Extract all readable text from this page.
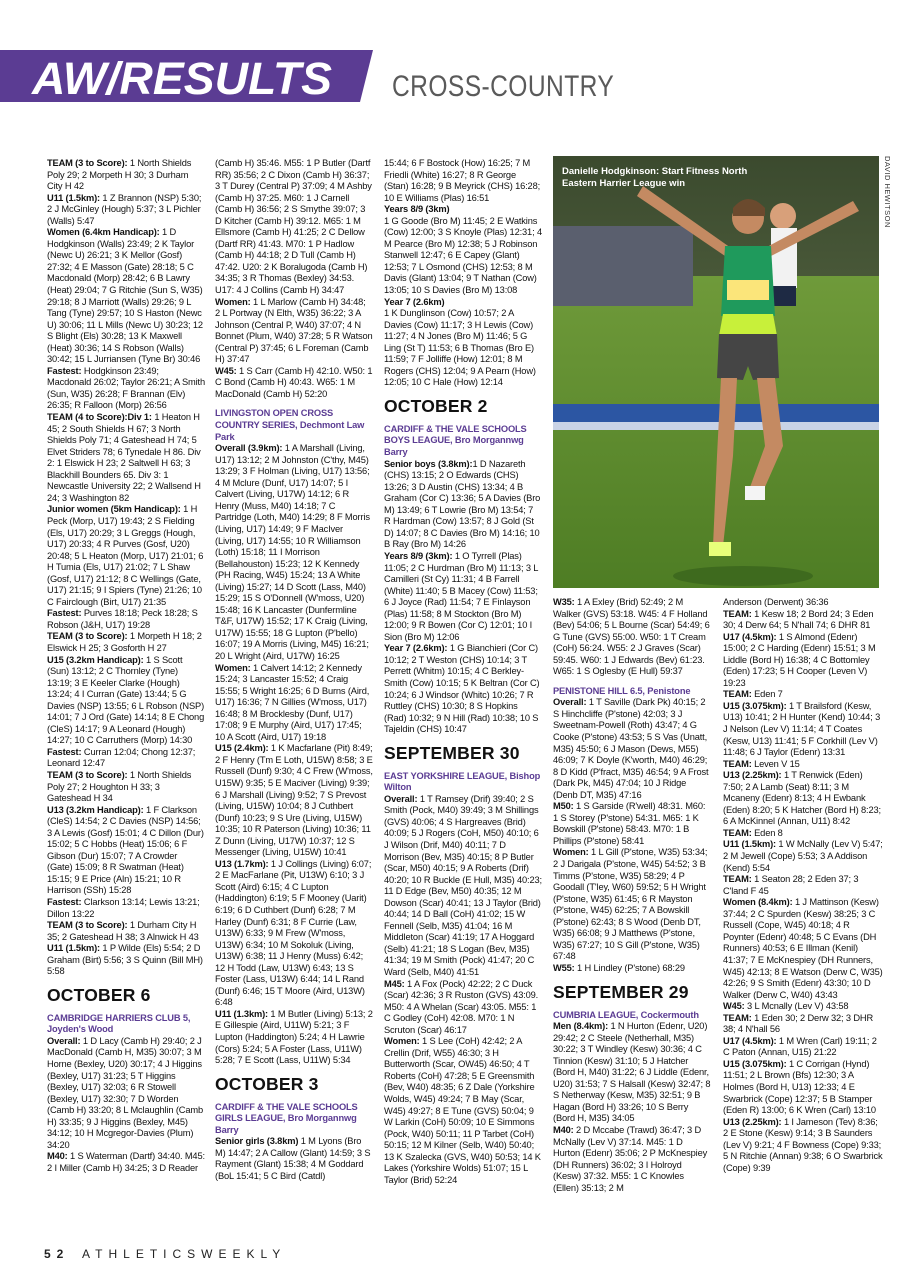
AW/RESULTS CROSS-COUNTRY

TEAM (3 to Score): 1 North Shields Poly 29; 2 Morpeth H 30; 3 Durham City H 42

U11 (1.5km): 1 Z Brannon (NSP) 5:30; 2 J McGinley (Hough) 5:37; 3 L Pichler (Walls) 5:47

Women (6.4km Handicap): 1 D Hodgkinson (Walls) 23:49; 2 K Taylor (Newc U) 26:21; 3 K Mellor (Gosf) 27:32; 4 E Masson (Gate) 28:18; 5 C Macdonald (Morp) 28:42; 6 B Lawry (Heat) 29:04; 7 G Ritchie (Sun S, W35) 29:18; 8 J Marriott (Walls) 29:26; 9 L Tang (Tyne) 29:57; 10 S Haston (Newc U) 30:06; 11 L Mills (Newc U) 30:23; 12 S Blight (Els) 30:28; 13 K Maxwell (Heat) 30:36; 14 S Robson (Walls) 30:42; 15 L Jurriansen (Tyne Br) 30:46

Fastest: Hodgkinson 23:49; Macdonald 26:02; Taylor 26:21; A Smith (Sun, W35) 26:28; F Brannan (Elv) 26:35; R Falloon (Morp) 26:56

TEAM (4 to Score):Div 1: 1 Heaton H 45; 2 South Shields H 67; 3 North Shields Poly 71; 4 Gateshead H 74; 5 Elvet Striders 78; 6 Tynedale H 86. Div 2: 1 Elswick H 23; 2 Saltwell H 63; 3 Blackhill Bounders 65. Div 3: 1 Newcastle University 22; 2 Wallsend H 24; 3 Washington 82

Junior women (5km Handicap): 1 H Peck (Morp, U17) 19:43; 2 S Fielding (Els, U17) 20:29; 3 L Greggs (Hough, U17) 20:33; 4 R Purves (Gosf, U20) 20:48; 5 L Heaton (Morp, U17) 21:01; 6 H Tumia (Els, U17) 21:02; 7 L Shaw (Gosf, U17) 21:12; 8 C Wellings (Gate, U17) 21:15; 9 I Spiers (Tyne) 21:26; 10 C Fairclough (Birt, U17) 21:35

Fastest: Purves 18:18; Peck 18:28; S Robson (J&H, U17) 19:28

TEAM (3 to Score): 1 Morpeth H 18; 2 Elswick H 25; 3 Gosforth H 27

U15 (3.2km Handicap): 1 S Scott (Sun) 13:12; 2 C Thornley (Tyne) 13:19; 3 E Keeler Clarke (Hough) 13:24; 4 I Curran (Gate) 13:44; 5 G Davies (NSP) 13:55; 6 L Robson (NSP) 14:01; 7 J Ord (Gate) 14:14; 8 E Chong (CleS) 14:17; 9 A Leonard (Hough) 14:27; 10 C Carruthers (Morp) 14:30

Fastest: Curran 12:04; Chong 12:37; Leonard 12:47

TEAM (3 to Score): 1 North Shields Poly 27; 2 Houghton H 33; 3 Gateshead H 34

U13 (3.2km Handicap): 1 F Clarkson (CleS) 14:54; 2 C Davies (NSP) 14:56; 3 A Lewis (Gosf) 15:01; 4 C Dillon (Dur) 15:02; 5 C Hobbs (Heat) 15:06; 6 F Gibson (Dur) 15:07; 7 A Crowder (Gate) 15:09; 8 R Swatman (Heat) 15:15; 9 E Price (Aln) 15:21; 10 R Harrison (SSh) 15:28

Fastest: Clarkson 13:14; Lewis 13:21; Dillon 13:22

TEAM (3 to Score): 1 Durham City H 35; 2 Gateshead H 38; 3 Alnwick H 43

U11 (1.5km): 1 P Wilde (Els) 5:54; 2 D Graham (Birt) 5:56; 3 S Quinn (Bill MH) 5:58

OCTOBER 6
CAMBRIDGE HARRIERS CLUB 5, Joyden's Wood

Overall: 1 D Lacy (Camb H) 29:40; 2 J MacDonald (Camb H, M35) 30:07; 3 M Horne (Bexley, U20) 30:17; 4 J Higgins (Bexley, U17) 31:23; 5 T Higgins (Bexley, U17) 32:03; 6 R Stowell (Bexley, U17) 32:30; 7 D Worden (Camb H) 33:20; 8 L Mclaughlin (Camb H) 33:35; 9 J Higgins (Bexley, M45) 34:12; 10 H Mcgregor-Davies (Plum) 34:20

M40: 1 S Waterman (Dartf) 34:40. M45: 2 I Miller (Camb H) 34:25; 3 D Reader

(Camb H) 35:46. M55: 1 P Butler (Dartf RR) 35:56; 2 C Dixon (Camb H) 36:37; 3 T Durey (Central P) 37:09; 4 M Ashby (Camb H) 37:25. M60: 1 J Carnell (Camb H) 36:56; 2 S Smythe 39:07; 3 D Kitcher (Camb H) 39:12. M65: 1 M Ellsmore (Camb H) 41:25; 2 C Dellow (Dartf RR) 41:43. M70: 1 P Hadlow (Camb H) 44:18; 2 D Tull (Camb H) 47:42. U20: 2 K Boralugoda (Camb H) 34:35; 3 R Thomas (Bexley) 34:53. U17: 4 J Collins (Camb H) 34:47

Women: 1 L Marlow (Camb H) 34:48; 2 L Portway (N Elth, W35) 36:22; 3 A Johnson (Central P, W40) 37:07; 4 N Bonnet (Plum, W40) 37:28; 5 R Watson (Central P) 37:45; 6 L Foreman (Camb H) 37:47

W45: 1 S Carr (Camb H) 42:10. W50: 1 C Bond (Camb H) 40:43. W65: 1 M MacDonald (Camb H) 52:20

LIVINGSTON OPEN CROSS COUNTRY SERIES, Dechmont Law Park

Overall (3.9km): 1 A Marshall (Living, U17) 13:12; 2 M Johnston (C'thy, M45) 13:29; 3 F Holman (Living, U17) 13:56; 4 M Mclure (Dunf, U17) 14:07; 5 I Calvert (Living, U17W) 14:12; 6 R Henry (Muss, M40) 14:18; 7 C Partridge (Loth, M40) 14:29; 8 F Morris (Living, U17) 14:49; 9 F MacIver (Living, U17) 14:55; 10 R Williamson (Loth) 15:18; 11 I Morrison (Bellahouston) 15:23; 12 K Kennedy (PH Racing, W45) 15:24; 13 A White (Living) 15:27; 14 D Scott (Lass, M40) 15:29; 15 S O'Donnell (W'moss, U20) 15:48; 16 K Lancaster (Dunfermline T&F, U17W) 15:52; 17 K Craig (Living, U17W) 15:55; 18 G Lupton (P'bello) 16:07; 19 A Morris (Living, M45) 16:21; 20 L Wright (Aird, U17W) 16:25

Women: 1 Calvert 14:12; 2 Kennedy 15:24; 3 Lancaster 15:52; 4 Craig 15:55; 5 Wright 16:25; 6 D Burns (Aird, U17) 16:36; 7 N Gillies (W'moss, U17) 16:48; 8 M Brocklesby (Dunf, U17) 17:08; 9 E Murphy (Aird, U17) 17:45; 10 A Scott (Aird, U17) 19:18

U15 (2.4km): 1 K Macfarlane (Pit) 8:49; 2 F Henry (Tm E Loth, U15W) 8:58; 3 E Russell (Dunf) 9:30; 4 C Frew (W'moss, U15W) 9:35; 5 E Maciver (Living) 9:39; 6 J Marshall (Living) 9:52; 7 S Prevost (Living, U15W) 10:04; 8 J Cuthbert (Dunf) 10:23; 9 S Ure (Living, U15W) 10:35; 10 R Paterson (Living) 10:36; 11 Z Dunn (Living, U17W) 10:37; 12 S Messenger (Living, U15W) 10:41

U13 (1.7km): 1 J Collings (Living) 6:07; 2 E MacFarlane (Pit, U13W) 6:10; 3 J Scott (Aird) 6:15; 4 C Lupton (Haddington) 6:19; 5 F Mooney (Uarit) 6:19; 6 D Cuthbert (Dunf) 6:28; 7 M Harley (Dunf) 6:31; 8 F Currie (Law, U13W) 6:33; 9 M Frew (W'moss, U13W) 6:34; 10 M Sokoluk (Living, U13W) 6:38; 11 J Henry (Muss) 6:42; 12 H Todd (Law, U13W) 6:43; 13 S Foster (Lass, U13W) 6:44; 14 L Rand (Dunf) 6:46; 15 T Moore (Aird, U13W) 6:48

U11 (1.3km): 1 M Butler (Living) 5:13; 2 E Gillespie (Aird, U11W) 5:21; 3 F Lupton (Haddington) 5:24; 4 H Lawrie (Cors) 5:24; 5 A Foster (Lass, U11W) 5:28; 7 E Scott (Lass, U11W) 5:34

OCTOBER 3
CARDIFF & THE VALE SCHOOLS GIRLS LEAGUE, Bro Morgannwg Barry

Senior girls (3.8km) 1 M Lyons (Bro M) 14:47; 2 A Callow (Glant) 14:59; 3 S Rayment (Glant) 15:38; 4 M Goddard (BoL 15:41; 5 C Bird (Catdl)

15:44; 6 F Bostock (How) 16:25; 7 M Friedli (White) 16:27; 8 R George (Stan) 16:28; 9 B Meyrick (CHS) 16:28; 10 E Williams (Plas) 16:51

Years 8/9 (3km)

1 G Goode (Bro M) 11:45; 2 E Watkins (Cow) 12:00; 3 S Knoyle (Plas) 12:31; 4 M Pearce (Bro M) 12:38; 5 J Robinson Stanwell 12:47; 6 E Capey (Glant) 12:53; 7 L Osmond (CHS) 12:53; 8 M Davis (Glant) 13:04; 9 T Nathan (Cow) 13:05; 10 S Davies (Bro M) 13:08

Year 7 (2.6km)

1 K Dunglinson (Cow) 10:57; 2 A Davies (Cow) 11:17; 3 H Lewis (Cow) 11:27; 4 N Jones (Bro M) 11:46; 5 G Ling (St T) 11:53; 6 B Thomas (Bro E) 11:59; 7 F Jolliffe (How) 12:01; 8 M Rogers (CHS) 12:04; 9 A Pearn (How) 12:05; 10 C Hale (How) 12:14

OCTOBER 2
CARDIFF & THE VALE SCHOOLS BOYS LEAGUE, Bro Morgannwg Barry

Senior boys (3.8km):1 D Nazareth (CHS) 13:15; 2 O Edwards (CHS) 13:26; 3 D Austin (CHS) 13:34; 4 B Graham (Cor C) 13:36; 5 A Davies (Bro M) 13:49; 6 T Lowrie (Bro M) 13:54; 7 R Hardman (Cow) 13:57; 8 J Gold (St D) 14:07; 8 C Davies (Bro M) 14:16; 10 B Ray (Bro M) 14:26

Years 8/9 (3km): 1 O Tyrrell (Plas) 11:05; 2 C Hurdman (Bro M) 11:13; 3 L Camilleri (St Cy) 11:31; 4 B Farrell (White) 11:40; 5 B Macey (Cow) 11:53; 6 J Joyce (Rad) 11:54; 7 E Finlayson (Plas) 11:58; 8 M Stockton (Bro M) 12:00; 9 R Bowen (Cor C) 12:01; 10 I Sion (Bro M) 12:06

Year 7 (2.6km): 1 G Bianchieri (Cor C) 10:12; 2 T Weston (CHS) 10:14; 3 T Perrett (Whitm) 10:15; 4 C Berkley-Smith (Cow) 10:15; 5 K Beltran (Cor C) 10:24; 6 J Windsor (Whitc) 10:26; 7 R Ruttley (CHS) 10:30; 8 S Hopkins (Rad) 10:32; 9 N Hill (Rad) 10:38; 10 S Tajeldin (CHS) 10:47

SEPTEMBER 30
EAST YORKSHIRE LEAGUE, Bishop Wilton

Overall: 1 T Ramsey (Drif) 39:40; 2 S Smith (Pock, M40) 39:49; 3 M Shillings (GVS) 40:06; 4 S Hargreaves (Brid) 40:09; 5 J Rogers (CoH, M50) 40:10; 6 J Wilson (Drif, M40) 40:11; 7 D Morrison (Bev, M35) 40:15; 8 P Butler (Scar, M50) 40:15; 9 A Roberts (Drif) 40:20; 10 R Buckle (E Hull, M35) 40:23; 11 D Edge (Bev, M50) 40:35; 12 M Dowson (Scar) 40:41; 13 J Taylor (Brid) 40:44; 14 D Ball (CoH) 41:02; 15 W Fennell (Selb, M35) 41:04; 16 M Middleton (Scar) 41:19; 17 A Hoggard (Selb) 41:21; 18 S Logan (Bev, M35) 41:34; 19 M Smith (Pock) 41:47; 20 C Ward (Selb, M40) 41:51

M45: 1 A Fox (Pock) 42:22; 2 C Duck (Scar) 42:36; 3 R Ruston (GVS) 43:09. M50: 4 A Whelan (Scar) 43:05. M55: 1 C Godley (CoH) 42:08. M70: 1 N Scruton (Scar) 46:17

Women: 1 S Lee (CoH) 42:42; 2 A Crellin (Drif, W55) 46:30; 3 H Butterworth (Scar, OW45) 46:50; 4 T Roberts (CoH) 47:28; 5 E Greensmith (Bev, W40) 48:35; 6 Z Dale (Yorkshire Wolds, W45) 49:24; 7 B May (Scar, W45) 49:27; 8 E Tune (GVS) 50:04; 9 W Larkin (CoH) 50:09; 10 E Simmons (Pock, W40) 50:11; 11 P Tarbet (CoH) 50:15; 12 M Kilner (Selb, W40) 50:40; 13 K Szalecka (GVS, W40) 50:53; 14 K Lakes (Yorkshire Wolds) 51:07; 15 L Taylor (Brid) 52:24

Danielle Hodgkinson: Start Fitness North Eastern Harrier League win	DAVID HEWITSON

W35: 1 A Exley (Brid) 52:49; 2 M Walker (GVS) 53:18. W45: 4 F Holland (Bev) 54:06; 5 L Bourne (Scar) 54:49; 6 G Tune (GVS) 55:00. W50: 1 T Cream (CoH) 56:24. W55: 2 J Graves (Scar) 59:45. W60: 1 J Edwards (Bev) 61:23. W65: 1 S Oglesby (E Hull) 59:37

PENISTONE HILL 6.5, Penistone

Overall: 1 T Saville (Dark Pk) 40:15; 2 S Hinchcliffe (P'stone) 42:03; 3 J Sweetnam-Powell (Roth) 43:47; 4 G Cooke (P'stone) 43:53; 5 S Vas (Unatt, M35) 45:50; 6 J Mason (Dews, M55) 46:09; 7 K Doyle (K'worth, M40) 46:29; 8 D Kidd (P'fract, M35) 46:54; 9 A Frost (Dark Pk, M45) 47:04; 10 J Ridge (Denb DT, M35) 47:16

M50: 1 S Garside (R'well) 48:31. M60: 1 S Storey (P'stone) 54:31. M65: 1 K Bowskill (P'stone) 58:43. M70: 1 B Phillips (P'stone) 58:41

Women: 1 L Gill (P'stone, W35) 53:34; 2 J Darigala (P'stone, W45) 54:52; 3 B Timms (P'stone, W35) 58:29; 4 P Goodall (T'ley, W60) 59:52; 5 H Wright (P'stone, W35) 61:45; 6 R Mayston (P'stone, W45) 62:25; 7 A Bowskill (P'stone) 62:43; 8 S Wood (Denb DT, W35) 66:08; 9 J Matthews (P'stone, W35) 67:27; 10 S Gill (P'stone, W35) 67:48

W55: 1 H Lindley (P'stone) 68:29

SEPTEMBER 29
CUMBRIA LEAGUE, Cockermouth

Men (8.4km): 1 N Hurton (Edenr, U20) 29:42; 2 C Steele (Netherhall, M35) 30:22; 3 T Windley (Kesw) 30:36; 4 C Tinnion (Kesw) 31:10; 5 J Hatcher (Bord H, M40) 31:22; 6 J Liddle (Edenr, U20) 31:53; 7 S Halsall (Kesw) 32:47; 8 S Netherway (Kesw, M35) 32:51; 9 B Hagan (Bord H) 33:26; 10 S Berry (Bord H, M35) 34:05

M40: 2 D Mccabe (Trawd) 36:47; 3 D McNally (Lev V) 37:14. M45: 1 D Hurton (Edenr) 35:06; 2 P McKnespiey (DH Runners) 36:02; 3 I Holroyd (Kesw) 37:32. M55: 1 C Knowles (Ellen) 35:13; 2 M

Anderson (Derwent) 36:36

TEAM: 1 Kesw 18; 2 Bord 24; 3 Eden 30; 4 Derw 64; 5 N'hall 74; 6 DHR 81

U17 (4.5km): 1 S Almond (Edenr) 15:00; 2 C Harding (Edenr) 15:51; 3 M Liddle (Bord H) 16:38; 4 C Bottomley (Eden) 17:23; 5 H Cooper (Leven V) 19:23

TEAM: Eden 7

U15 (3.075km): 1 T Brailsford (Kesw, U13) 10:41; 2 H Hunter (Kend) 10:44; 3 J Nelson (Lev V) 11:14; 4 T Coates (Kesw, U13) 11:41; 5 F Corkhill (Lev V) 11:48; 6 J Taylor (Edenr) 13:31

TEAM: Leven V 15

U13 (2.25km): 1 T Renwick (Eden) 7:50; 2 A Lamb (Seat) 8:11; 3 M Mcaneny (Edenr) 8:13; 4 H Ewbank (Eden) 8:20; 5 K Hatcher (Bord H) 8:23; 6 A McKinnel (Annan, U11) 8:42

TEAM: Eden 8

U11 (1.5km): 1 W McNally (Lev V) 5:47; 2 M Jewell (Cope) 5:53; 3 A Addison (Kend) 5:54

TEAM: 1 Seaton 28; 2 Eden 37; 3 C'land F 45

Women (8.4km): 1 J Mattinson (Kesw) 37:44; 2 C Spurden (Kesw) 38:25; 3 C Russell (Cope, W45) 40:18; 4 R Poynter (Edenr) 40:48; 5 C Evans (DH Runners) 40:53; 6 E Illman (Kenil) 41:37; 7 E McKnespiey (DH Runners, W45) 42:13; 8 E Watson (Derw C, W35) 42:26; 9 S Smith (Edenr) 43:30; 10 D Walker (Derw C, W40) 43:43

W45: 3 L Mcnally (Lev V) 43:58

TEAM: 1 Eden 30; 2 Derw 32; 3 DHR 38; 4 N'hall 56

U17 (4.5km): 1 M Wren (Carl) 19:11; 2 C Paton (Annan, U15) 21:22

U15 (3.075km): 1 C Corrigan (Hynd) 11:51; 2 L Brown (Bfs) 12:30; 3 A Holmes (Bord H, U13) 12:33; 4 E Swarbrick (Cope) 12:37; 5 B Stamper (Eden R) 13:00; 6 K Wren (Carl) 13:10

U13 (2.25km): 1 I Jameson (Tev) 8:36; 2 E Stone (Kesw) 9:14; 3 B Saunders (Lev V) 9:21; 4 F Bowness (Cope) 9:33; 5 N Ritchie (Annan) 9:38; 6 O Swarbrick (Cope) 9:39

52 ATHLETICSWEEKLY
